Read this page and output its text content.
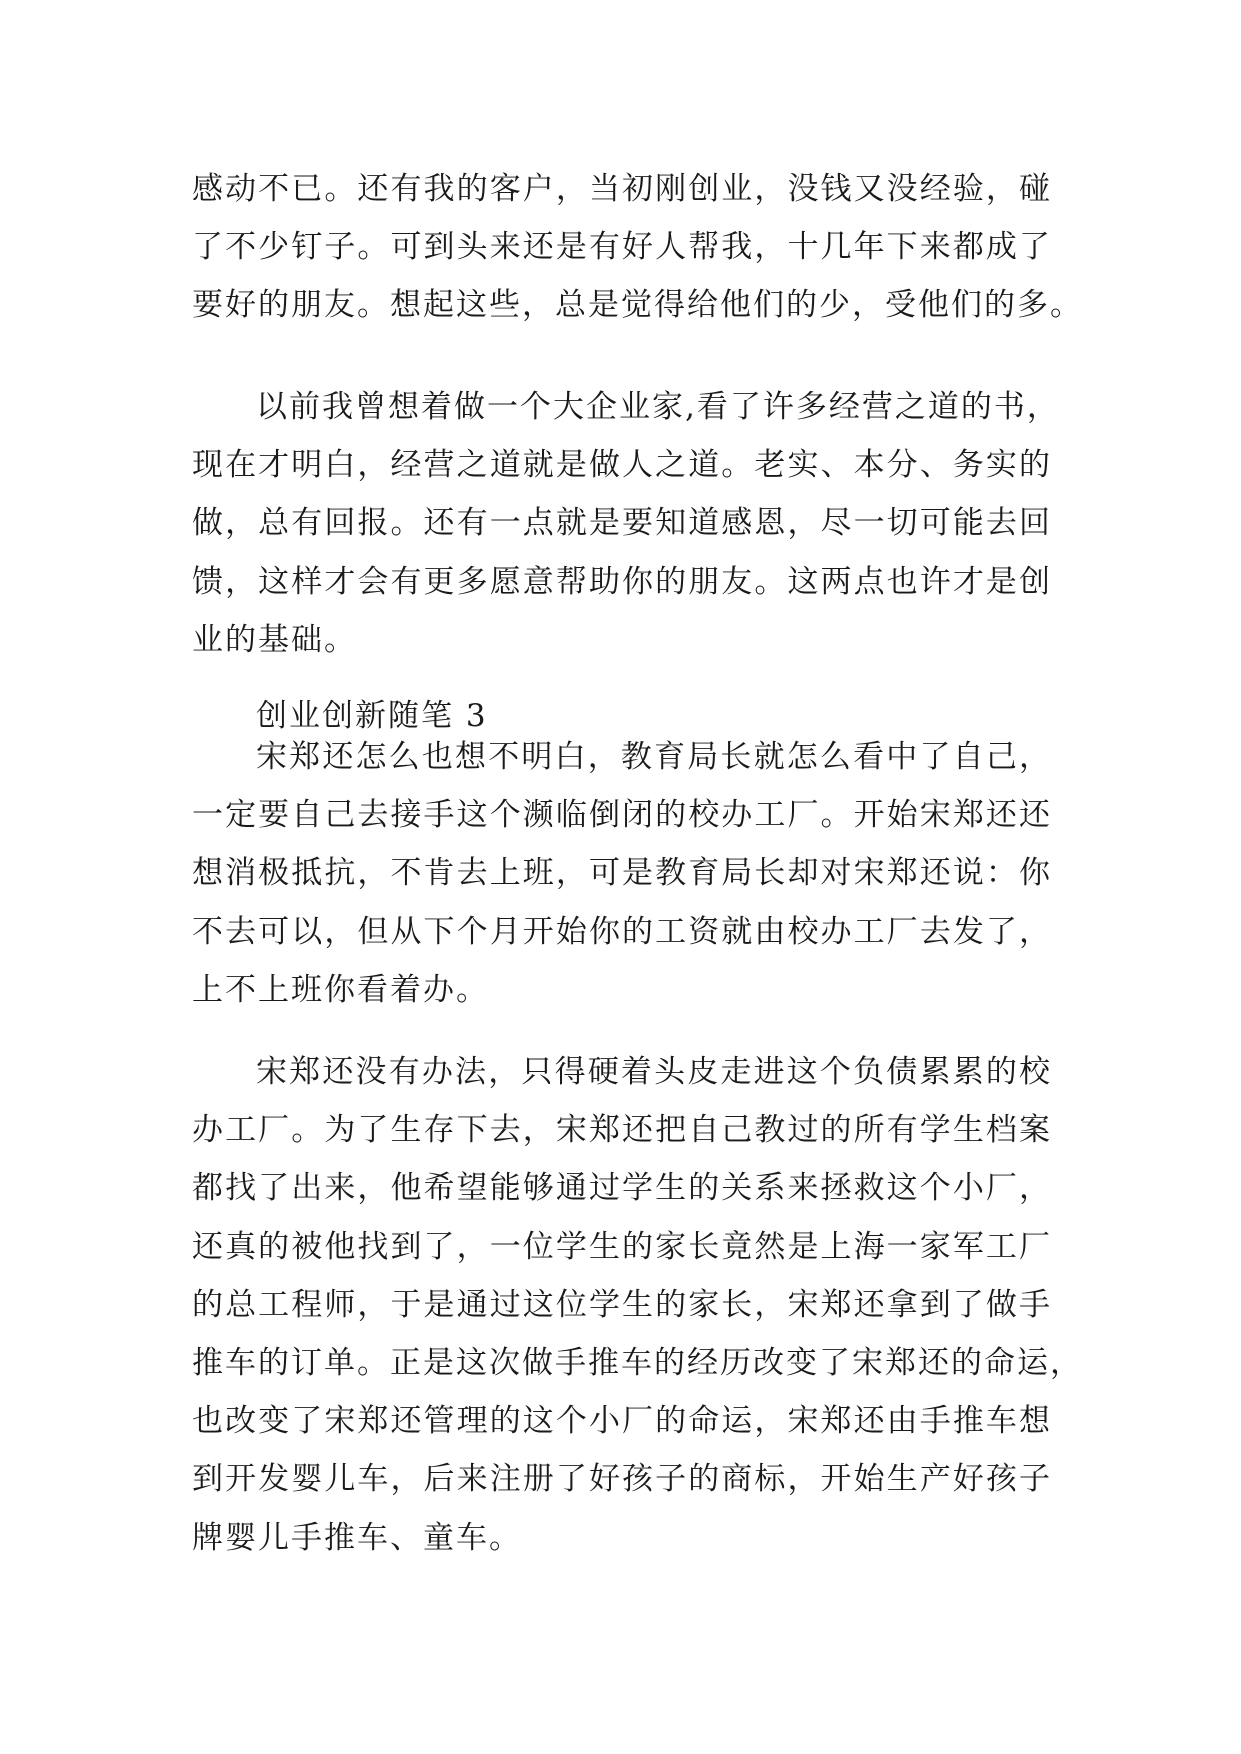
感动不已。还有我的客户，当初刚创业，没钱又没经验，碰
了不少钉子。可到头来还是有好人帮我，十几年下来都成了
要好的朋友。想起这些，总是觉得给他们的少，受他们的多。
以前我曾想着做一个大企业家,看了许多经营之道的书，
现在才明白，经营之道就是做人之道。老实、本分、务实的
做，总有回报。还有一点就是要知道感恩，尽一切可能去回
馈，这样才会有更多愿意帮助你的朋友。这两点也许才是创
业的基础。
创业创新随笔 3
宋郑还怎么也想不明白，教育局长就怎么看中了自己，
一定要自己去接手这个濒临倒闭的校办工厂。开始宋郑还还
想消极抵抗，不肯去上班，可是教育局长却对宋郑还说：你
不去可以，但从下个月开始你的工资就由校办工厂去发了，
上不上班你看着办。
宋郑还没有办法，只得硬着头皮走进这个负债累累的校
办工厂。为了生存下去，宋郑还把自己教过的所有学生档案
都找了出来，他希望能够通过学生的关系来拯救这个小厂，
还真的被他找到了，一位学生的家长竟然是上海一家军工厂
的总工程师，于是通过这位学生的家长，宋郑还拿到了做手
推车的订单。正是这次做手推车的经历改变了宋郑还的命运，
也改变了宋郑还管理的这个小厂的命运，宋郑还由手推车想
到开发婴儿车，后来注册了好孩子的商标，开始生产好孩子
牌婴儿手推车、童车。
